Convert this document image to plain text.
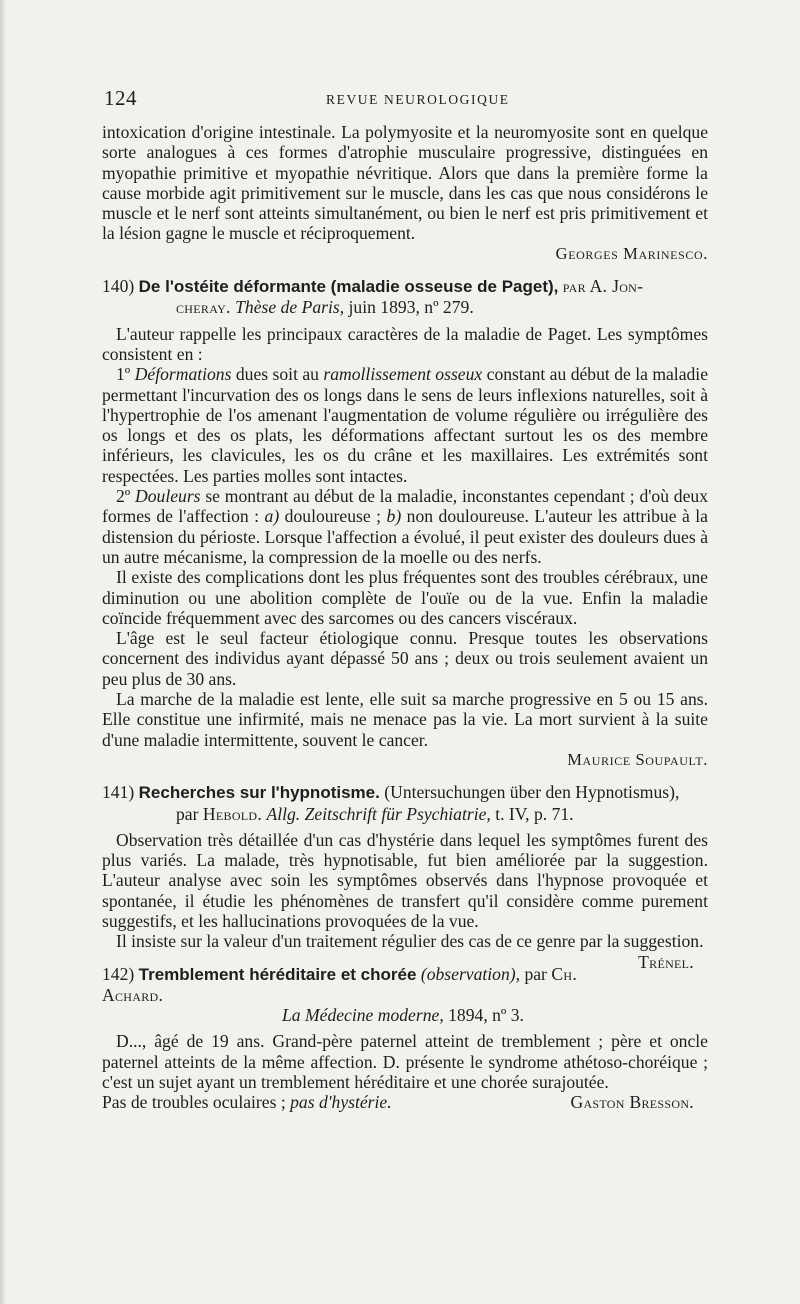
124	REVUE NEUROLOGIQUE

intoxication d'origine intestinale. La polymyosite et la neuromyosite sont en quelque sorte analogues à ces formes d'atrophie musculaire progressive, distinguées en myopathie primitive et myopathie névritique. Alors que dans la première forme la cause morbide agit primitivement sur le muscle, dans les cas que nous considérons le muscle et le nerf sont atteints simultanément, ou bien le nerf est pris primitivement et la lésion gagne le muscle et réciproquement.

Georges Marinesco.

140) De l'ostéite déformante (maladie osseuse de Paget), par A. Jon-
cheray. Thèse de Paris, juin 1893, nº 279.

L'auteur rappelle les principaux caractères de la maladie de Paget. Les symptômes consistent en :

1º Déformations dues soit au ramollissement osseux constant au début de la maladie permettant l'incurvation des os longs dans le sens de leurs inflexions naturelles, soit à l'hypertrophie de l'os amenant l'augmentation de volume régulière ou irrégulière des os longs et des os plats, les déformations affectant surtout les os des membre inférieurs, les clavicules, les os du crâne et les maxillaires. Les extrémités sont respectées. Les parties molles sont intactes.

2º Douleurs se montrant au début de la maladie, inconstantes cependant ; d'où deux formes de l'affection : a) douloureuse ; b) non douloureuse. L'auteur les attribue à la distension du périoste. Lorsque l'affection a évolué, il peut exister des douleurs dues à un autre mécanisme, la compression de la moelle ou des nerfs.

Il existe des complications dont les plus fréquentes sont des troubles cérébraux, une diminution ou une abolition complète de l'ouïe ou de la vue. Enfin la maladie coïncide fréquemment avec des sarcomes ou des cancers viscéraux.

L'âge est le seul facteur étiologique connu. Presque toutes les observations concernent des individus ayant dépassé 50 ans ; deux ou trois seulement avaient un peu plus de 30 ans.

La marche de la maladie est lente, elle suit sa marche progressive en 5 ou 15 ans. Elle constitue une infirmité, mais ne menace pas la vie. La mort survient à la suite d'une maladie intermittente, souvent le cancer.

Maurice Soupault.

141) Recherches sur l'hypnotisme. (Untersuchungen über den Hypnotismus),
par Hebold. Allg. Zeitschrift für Psychiatrie, t. IV, p. 71.

Observation très détaillée d'un cas d'hystérie dans lequel les symptômes furent des plus variés. La malade, très hypnotisable, fut bien améliorée par la suggestion. L'auteur analyse avec soin les symptômes observés dans l'hypnose provoquée et spontanée, il étudie les phénomènes de transfert qu'il considère comme purement suggestifs, et les hallucinations provoquées de la vue.

Il insiste sur la valeur d'un traitement régulier des cas de ce genre par la suggestion.
Trénel.

142) Tremblement héréditaire et chorée (observation), par Ch. Achard.
La Médecine moderne, 1894, nº 3.

D..., âgé de 19 ans. Grand-père paternel atteint de tremblement ; père et oncle paternel atteints de la même affection. D. présente le syndrome athétoso-choréique ; c'est un sujet ayant un tremblement héréditaire et une chorée surajoutée.

Pas de troubles oculaires ; pas d'hystérie.	Gaston Bresson.
